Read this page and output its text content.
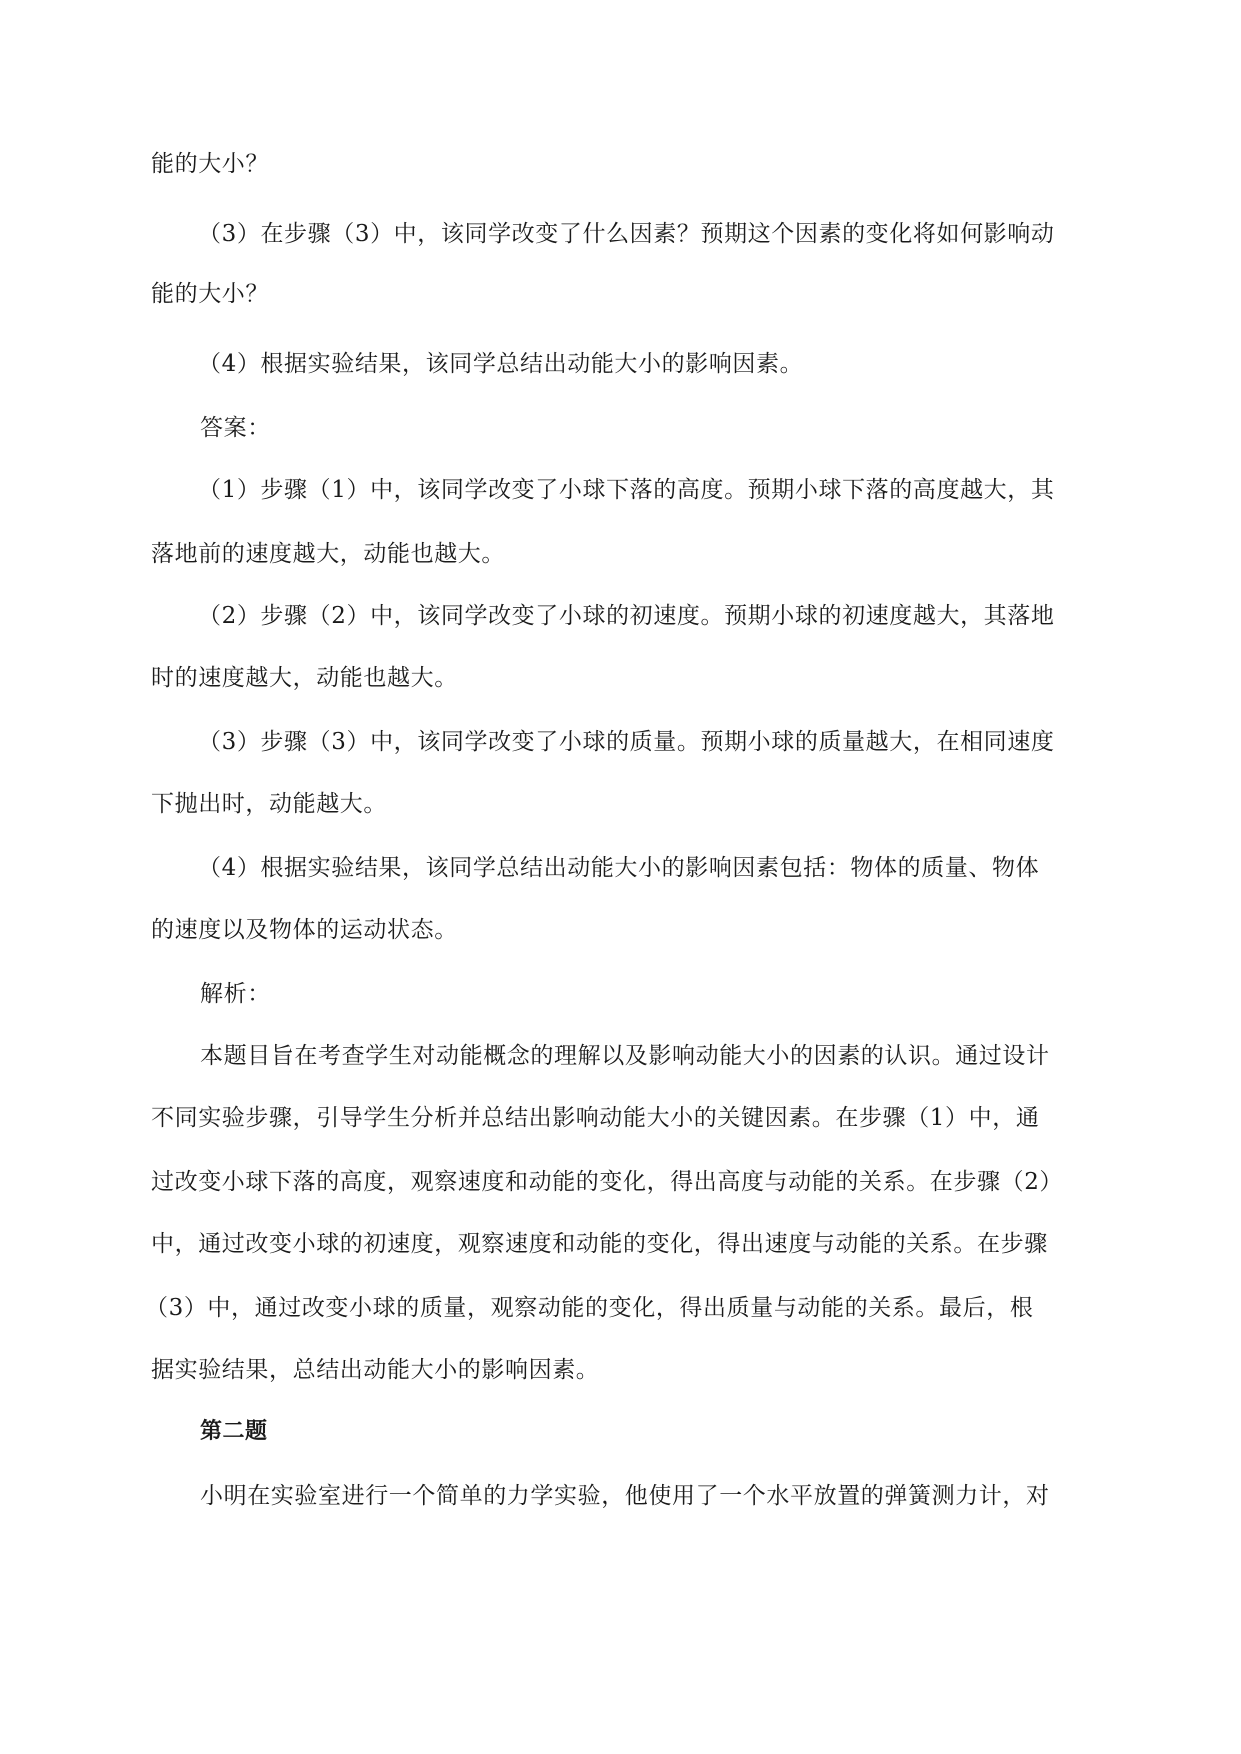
能的大小？
（3）在步骤（3）中，该同学改变了什么因素？预期这个因素的变化将如何影响动
能的大小？
（4）根据实验结果，该同学总结出动能大小的影响因素。
答案：
（1）步骤（1）中，该同学改变了小球下落的高度。预期小球下落的高度越大，其
落地前的速度越大，动能也越大。
（2）步骤（2）中，该同学改变了小球的初速度。预期小球的初速度越大，其落地
时的速度越大，动能也越大。
（3）步骤（3）中，该同学改变了小球的质量。预期小球的质量越大，在相同速度
下抛出时，动能越大。
（4）根据实验结果，该同学总结出动能大小的影响因素包括：物体的质量、物体
的速度以及物体的运动状态。
解析：
本题目旨在考查学生对动能概念的理解以及影响动能大小的因素的认识。通过设计
不同实验步骤，引导学生分析并总结出影响动能大小的关键因素。在步骤（1）中，通
过改变小球下落的高度，观察速度和动能的变化，得出高度与动能的关系。在步骤（2）
中，通过改变小球的初速度，观察速度和动能的变化，得出速度与动能的关系。在步骤
（3）中，通过改变小球的质量，观察动能的变化，得出质量与动能的关系。最后，根
据实验结果，总结出动能大小的影响因素。
第二题
小明在实验室进行一个简单的力学实验，他使用了一个水平放置的弹簧测力计，对
